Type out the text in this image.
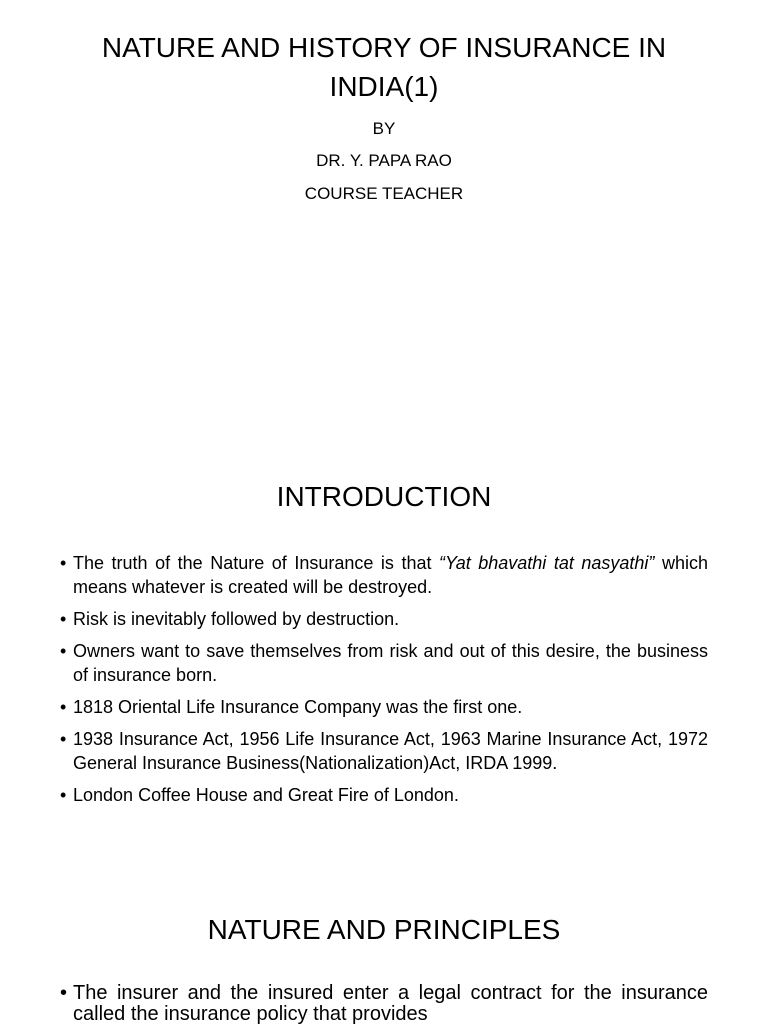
NATURE AND HISTORY OF INSURANCE IN INDIA(1)
BY
DR. Y. PAPA RAO
COURSE TEACHER
INTRODUCTION
• The truth of the Nature of Insurance is that “Yat bhavathi tat nasyathi” which means whatever is created will be destroyed.
• Risk is inevitably followed by destruction.
• Owners want to save themselves from risk and out of this desire, the business of insurance born.
• 1818 Oriental Life Insurance Company was the first one.
• 1938 Insurance Act, 1956 Life Insurance Act, 1963 Marine Insurance Act, 1972 General Insurance Business(Nationalization)Act, IRDA 1999.
• London Coffee House and Great Fire of London.
NATURE AND PRINCIPLES
• The insurer and the insured enter a legal contract for the insurance called the insurance policy that provides
